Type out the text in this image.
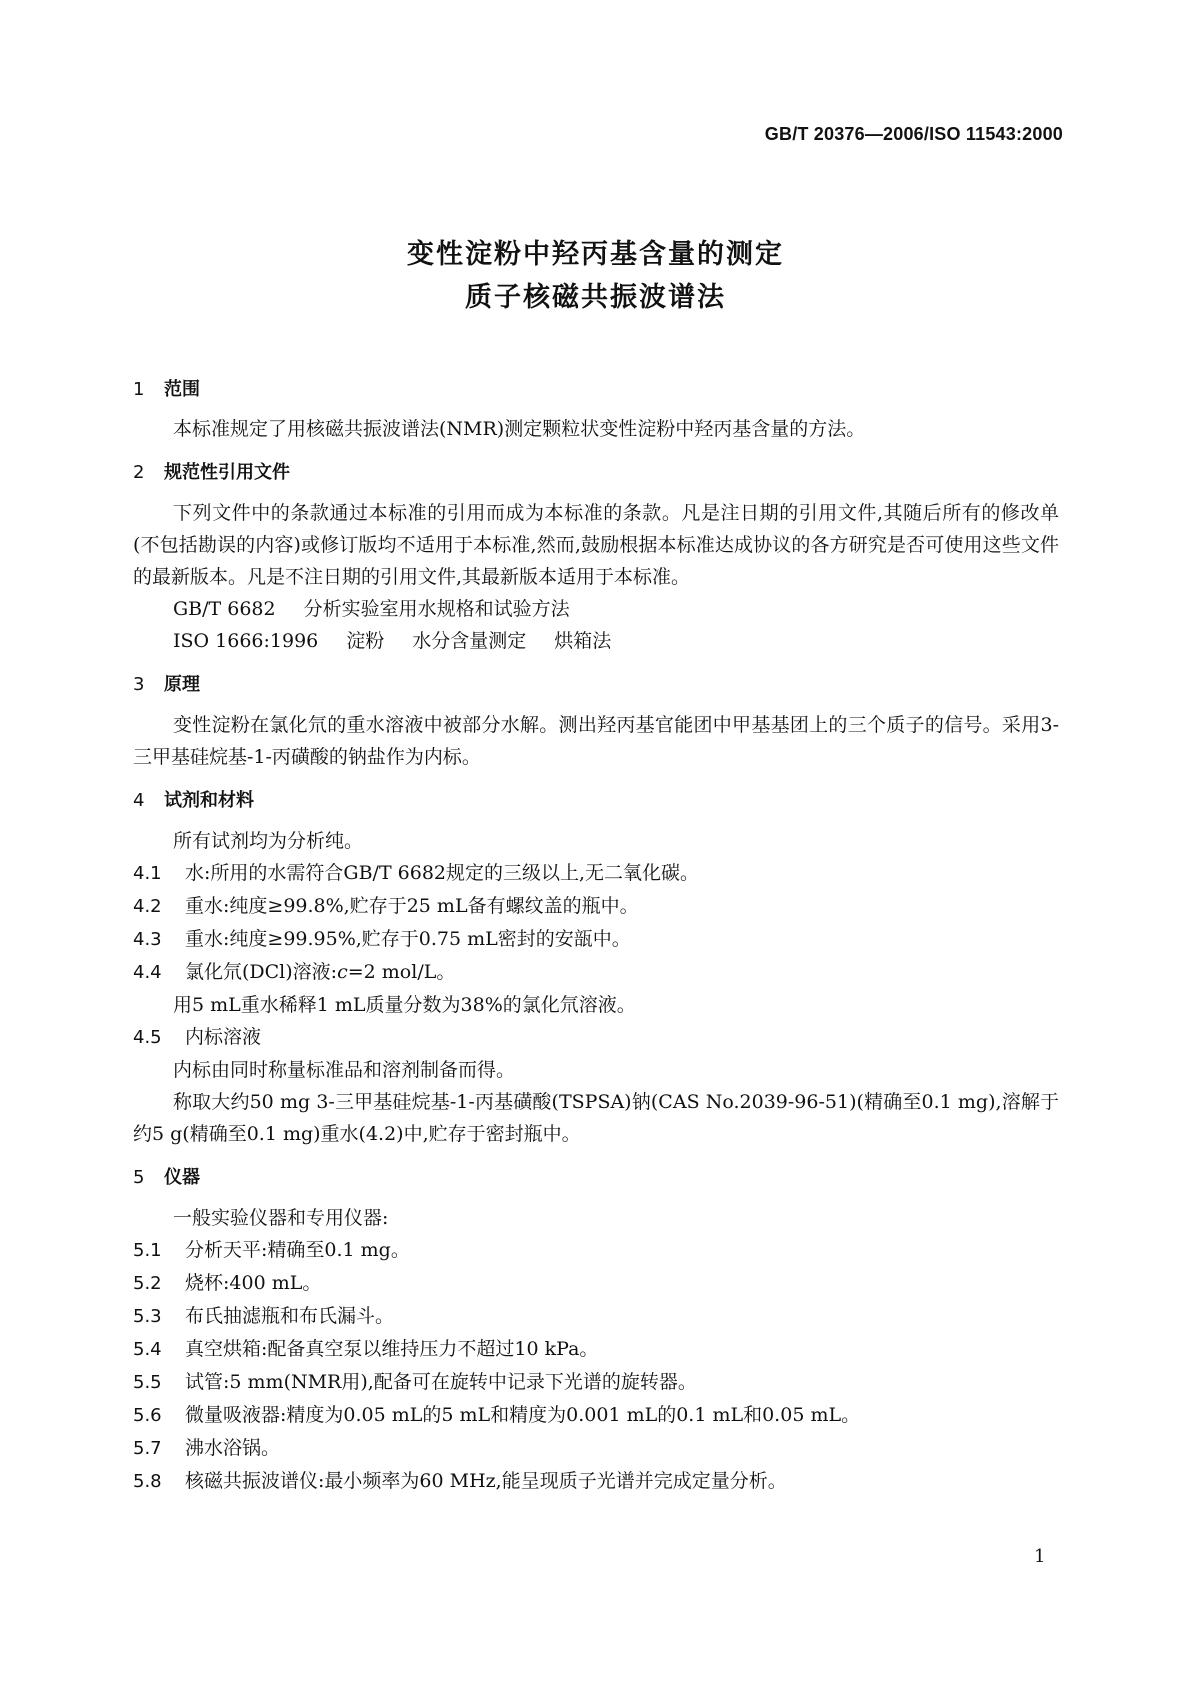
GB/T 20376—2006/ISO 11543:2000
变性淀粉中羟丙基含量的测定
质子核磁共振波谱法
1 范围
本标准规定了用核磁共振波谱法(NMR)测定颗粒状变性淀粉中羟丙基含量的方法。
2 规范性引用文件
下列文件中的条款通过本标准的引用而成为本标准的条款。凡是注日期的引用文件,其随后所有的修改单(不包括勘误的内容)或修订版均不适用于本标准,然而,鼓励根据本标准达成协议的各方研究是否可使用这些文件的最新版本。凡是不注日期的引用文件,其最新版本适用于本标准。
GB/T 6682 分析实验室用水规格和试验方法
ISO 1666:1996 淀粉 水分含量测定 烘箱法
3 原理
变性淀粉在氯化氘的重水溶液中被部分水解。测出羟丙基官能团中甲基基团上的三个质子的信号。采用3-三甲基硅烷基-1-丙磺酸的钠盐作为内标。
4 试剂和材料
所有试剂均为分析纯。
4.1 水:所用的水需符合GB/T 6682规定的三级以上,无二氧化碳。
4.2 重水:纯度≥99.8%,贮存于25 mL备有螺纹盖的瓶中。
4.3 重水:纯度≥99.95%,贮存于0.75 mL密封的安瓿中。
4.4 氯化氘(DCl)溶液:c=2 mol/L。
用5 mL重水稀释1 mL质量分数为38%的氯化氘溶液。
4.5 内标溶液
内标由同时称量标准品和溶剂制备而得。
称取大约50 mg 3-三甲基硅烷基-1-丙基磺酸(TSPSA)钠(CAS No.2039-96-51)(精确至0.1 mg),溶解于约5 g(精确至0.1 mg)重水(4.2)中,贮存于密封瓶中。
5 仪器
一般实验仪器和专用仪器:
5.1 分析天平:精确至0.1 mg。
5.2 烧杯:400 mL。
5.3 布氏抽滤瓶和布氏漏斗。
5.4 真空烘箱:配备真空泵以维持压力不超过10 kPa。
5.5 试管:5 mm(NMR用),配备可在旋转中记录下光谱的旋转器。
5.6 微量吸液器:精度为0.05 mL的5 mL和精度为0.001 mL的0.1 mL和0.05 mL。
5.7 沸水浴锅。
5.8 核磁共振波谱仪:最小频率为60 MHz,能呈现质子光谱并完成定量分析。
1
